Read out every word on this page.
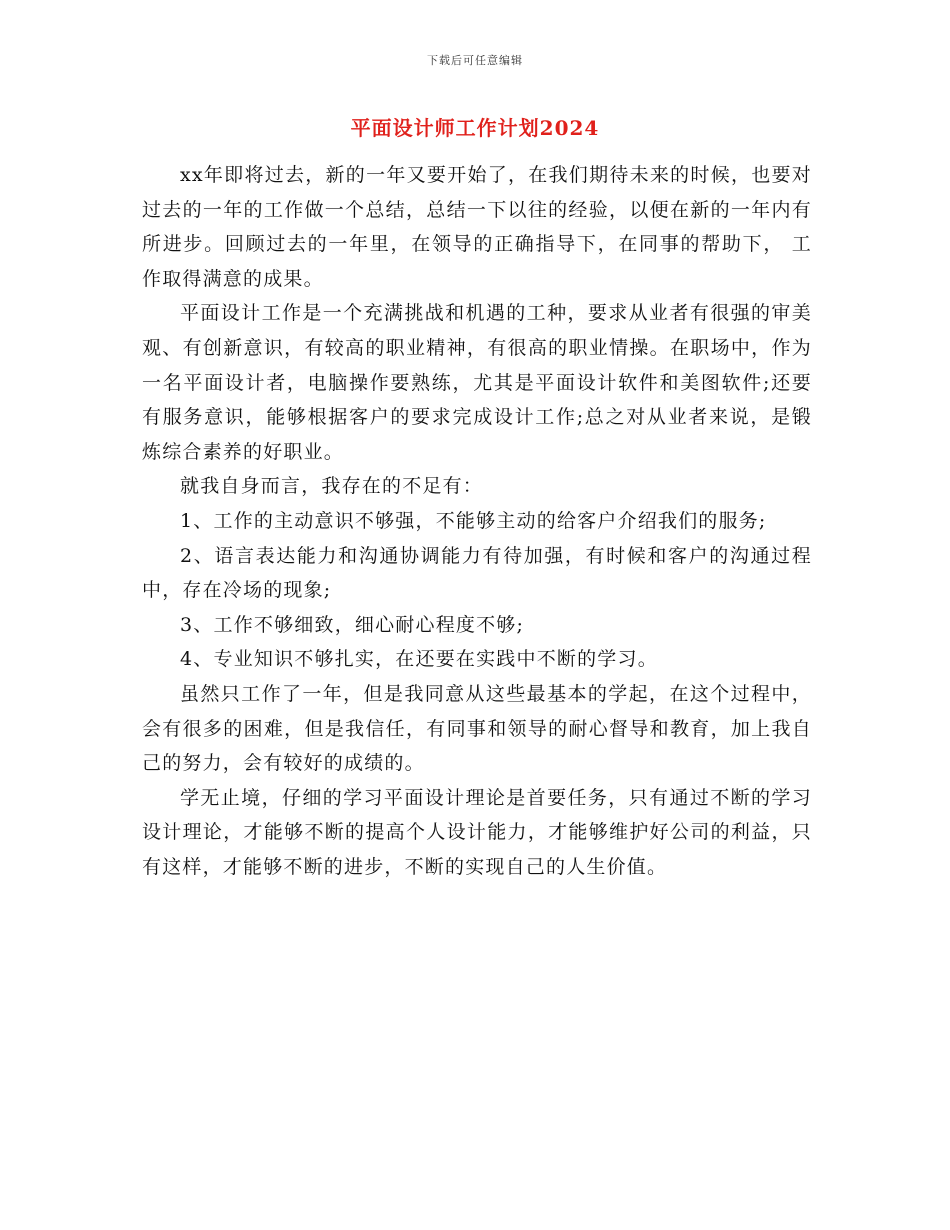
下载后可任意编辑
平面设计师工作计划2024

xx年即将过去，新的一年又要开始了，在我们期待未来的时候，也要对过去的一年的工作做一个总结，总结一下以往的经验，以便在新的一年内有所进步。回顾过去的一年里，在领导的正确指导下，在同事的帮助下， 工作取得满意的成果。

平面设计工作是一个充满挑战和机遇的工种，要求从业者有很强的审美观、有创新意识，有较高的职业精神，有很高的职业情操。在职场中，作为一名平面设计者，电脑操作要熟练，尤其是平面设计软件和美图软件;还要有服务意识，能够根据客户的要求完成设计工作;总之对从业者来说，是锻炼综合素养的好职业。

就我自身而言，我存在的不足有：

1、工作的主动意识不够强，不能够主动的给客户介绍我们的服务;

2、语言表达能力和沟通协调能力有待加强，有时候和客户的沟通过程中，存在冷场的现象;

3、工作不够细致，细心耐心程度不够;

4、专业知识不够扎实，在还要在实践中不断的学习。

虽然只工作了一年，但是我同意从这些最基本的学起，在这个过程中，会有很多的困难，但是我信任，有同事和领导的耐心督导和教育，加上我自己的努力，会有较好的成绩的。

学无止境，仔细的学习平面设计理论是首要任务，只有通过不断的学习设计理论，才能够不断的提高个人设计能力，才能够维护好公司的利益，只有这样，才能够不断的进步，不断的实现自己的人生价值。
